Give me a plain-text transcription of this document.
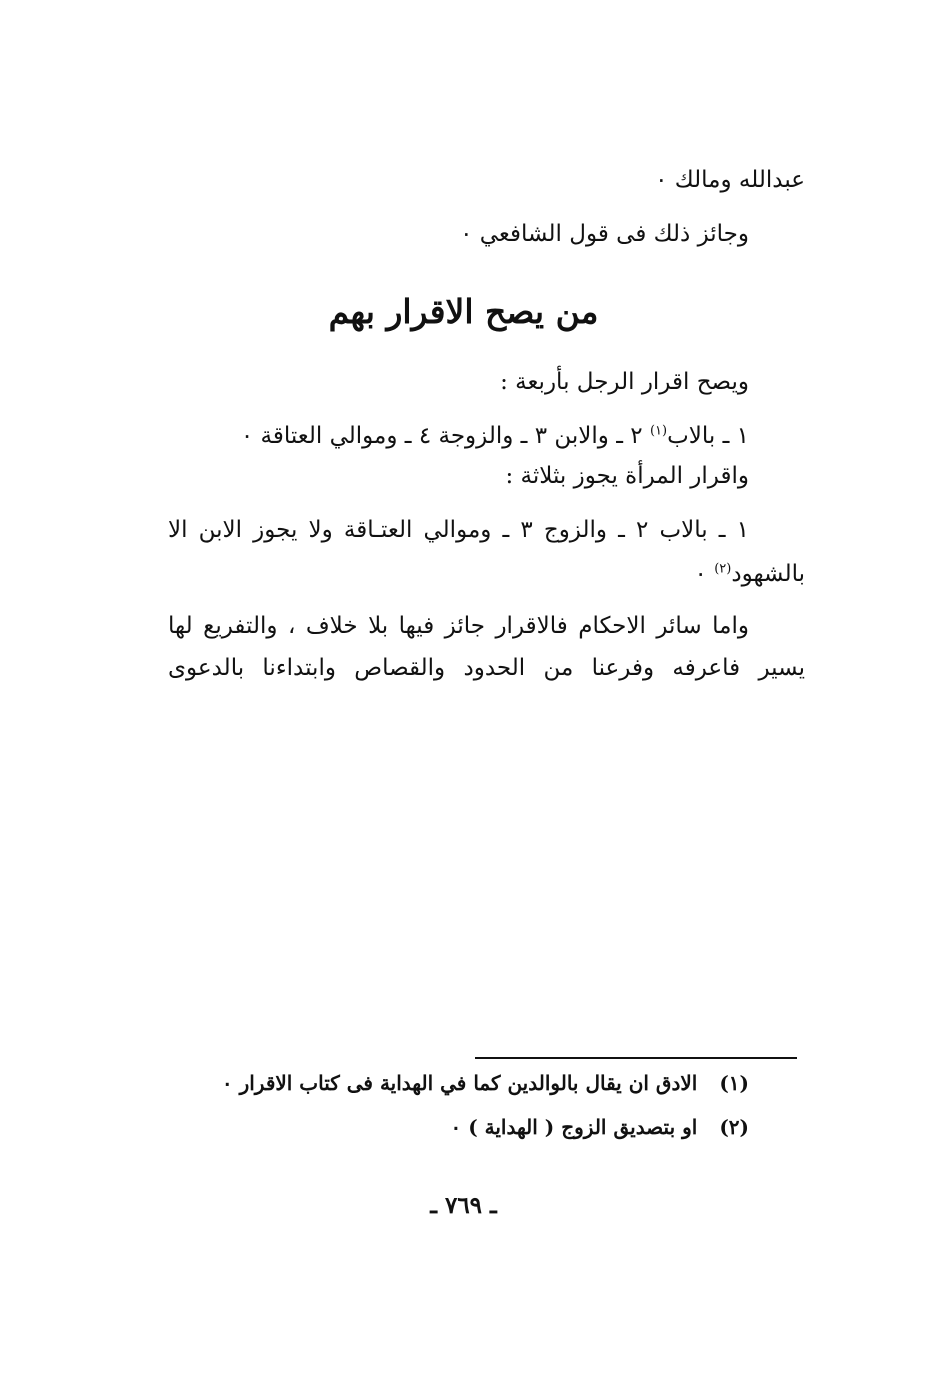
عبدالله ومالك ٠
وجائز ذلك فى قول الشافعي ٠
من يصح الاقرار بهم
ويصح اقرار الرجل بأربعة :
١ ـ بالاب$^{(١)}$ ٢ ـ والابن ٣ ـ والزوجة ٤ ـ وموالي العتاقة ٠
واقرار المرأة يجوز بثلاثة :
١ ـ بالاب ٢ ـ والزوج ٣ ـ وموالي العتـاقة ولا يجوز الابن الا
بالشهود$^{(٢)}$ ٠
واما سائر الاحكام فالاقرار جائز فيها بلا خلاف ، والتفريع لها
يسير فاعرفه وفرعنا من الحدود والقصاص وابتداءنا بالدعوى
(١)الادق ان يقال بالوالدين كما في الهداية فى كتاب الاقرار ٠
(٢)او بتصديق الزوج ( الهداية ) ٠
ـ ٧٦٩ ـ
